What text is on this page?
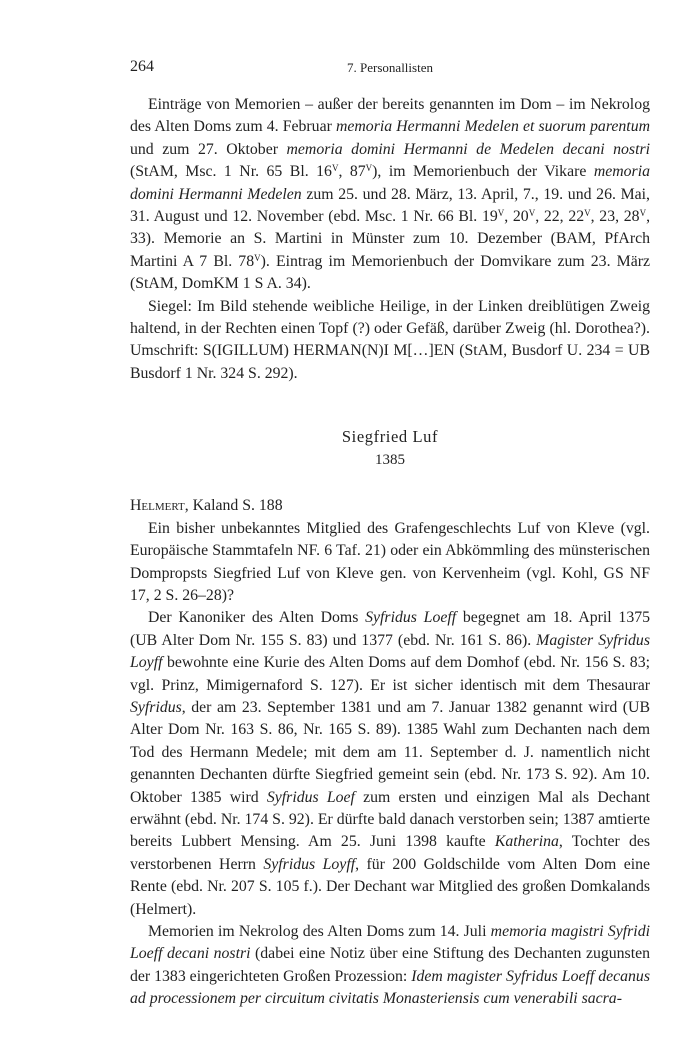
264	7. Personallisten

Einträge von Memorien – außer der bereits genannten im Dom – im Nekrolog des Alten Doms zum 4. Februar memoria Hermanni Medelen et suorum parentum und zum 27. Oktober memoria domini Hermanni de Medelen decani nostri (StAM, Msc. 1 Nr. 65 Bl. $16^V$, $87^V$), im Memorienbuch der Vikare memoria domini Hermanni Medelen zum 25. und 28. März, 13. April, 7., 19. und 26. Mai, 31. August und 12. November (ebd. Msc. 1 Nr. 66 Bl. $19^V$, $20^V$, 22, $22^V$, 23, $28^V$, 33). Memorie an S. Martini in Münster zum 10. Dezember (BAM, PfArch Martini A 7 Bl. $78^V$). Eintrag im Memorienbuch der Domvikare zum 23. März (StAM, DomKM 1 S A. 34).

Siegel: Im Bild stehende weibliche Heilige, in der Linken dreiblütigen Zweig haltend, in der Rechten einen Topf (?) oder Gefäß, darüber Zweig (hl. Dorothea?). Umschrift: S(IGILLUM) HERMAN(N)I M[…]EN (StAM, Busdorf U. 234 = UB Busdorf 1 Nr. 324 S. 292).

Siegfried Luf
1385

Helmert, Kaland S. 188

Ein bisher unbekanntes Mitglied des Grafengeschlechts Luf von Kleve (vgl. Europäische Stammtafeln NF. 6 Taf. 21) oder ein Abkömmling des münsterischen Dompropsts Siegfried Luf von Kleve gen. von Kervenheim (vgl. Kohl, GS NF 17, 2 S. 26–28)?

Der Kanoniker des Alten Doms Syfridus Loeff begegnet am 18. April 1375 (UB Alter Dom Nr. 155 S. 83) und 1377 (ebd. Nr. 161 S. 86). Magister Syfridus Loyff bewohnte eine Kurie des Alten Doms auf dem Domhof (ebd. Nr. 156 S. 83; vgl. Prinz, Mimigernaford S. 127). Er ist sicher identisch mit dem Thesaurar Syfridus, der am 23. September 1381 und am 7. Januar 1382 genannt wird (UB Alter Dom Nr. 163 S. 86, Nr. 165 S. 89). 1385 Wahl zum Dechanten nach dem Tod des Hermann Medele; mit dem am 11. September d. J. namentlich nicht genannten Dechanten dürfte Siegfried gemeint sein (ebd. Nr. 173 S. 92). Am 10. Oktober 1385 wird Syfridus Loef zum ersten und einzigen Mal als Dechant erwähnt (ebd. Nr. 174 S. 92). Er dürfte bald danach verstorben sein; 1387 amtierte bereits Lubbert Mensing. Am 25. Juni 1398 kaufte Katherina, Tochter des verstorbenen Herrn Syfridus Loyff, für 200 Goldschilde vom Alten Dom eine Rente (ebd. Nr. 207 S. 105 f.). Der Dechant war Mitglied des großen Domkalands (Helmert).

Memorien im Nekrolog des Alten Doms zum 14. Juli memoria magistri Syfridi Loeff decani nostri (dabei eine Notiz über eine Stiftung des Dechanten zugunsten der 1383 eingerichteten Großen Prozession: Idem magister Syfridus Loeff decanus ad processionem per circuitum civitatis Monasteriensis cum venerabili sacra-
